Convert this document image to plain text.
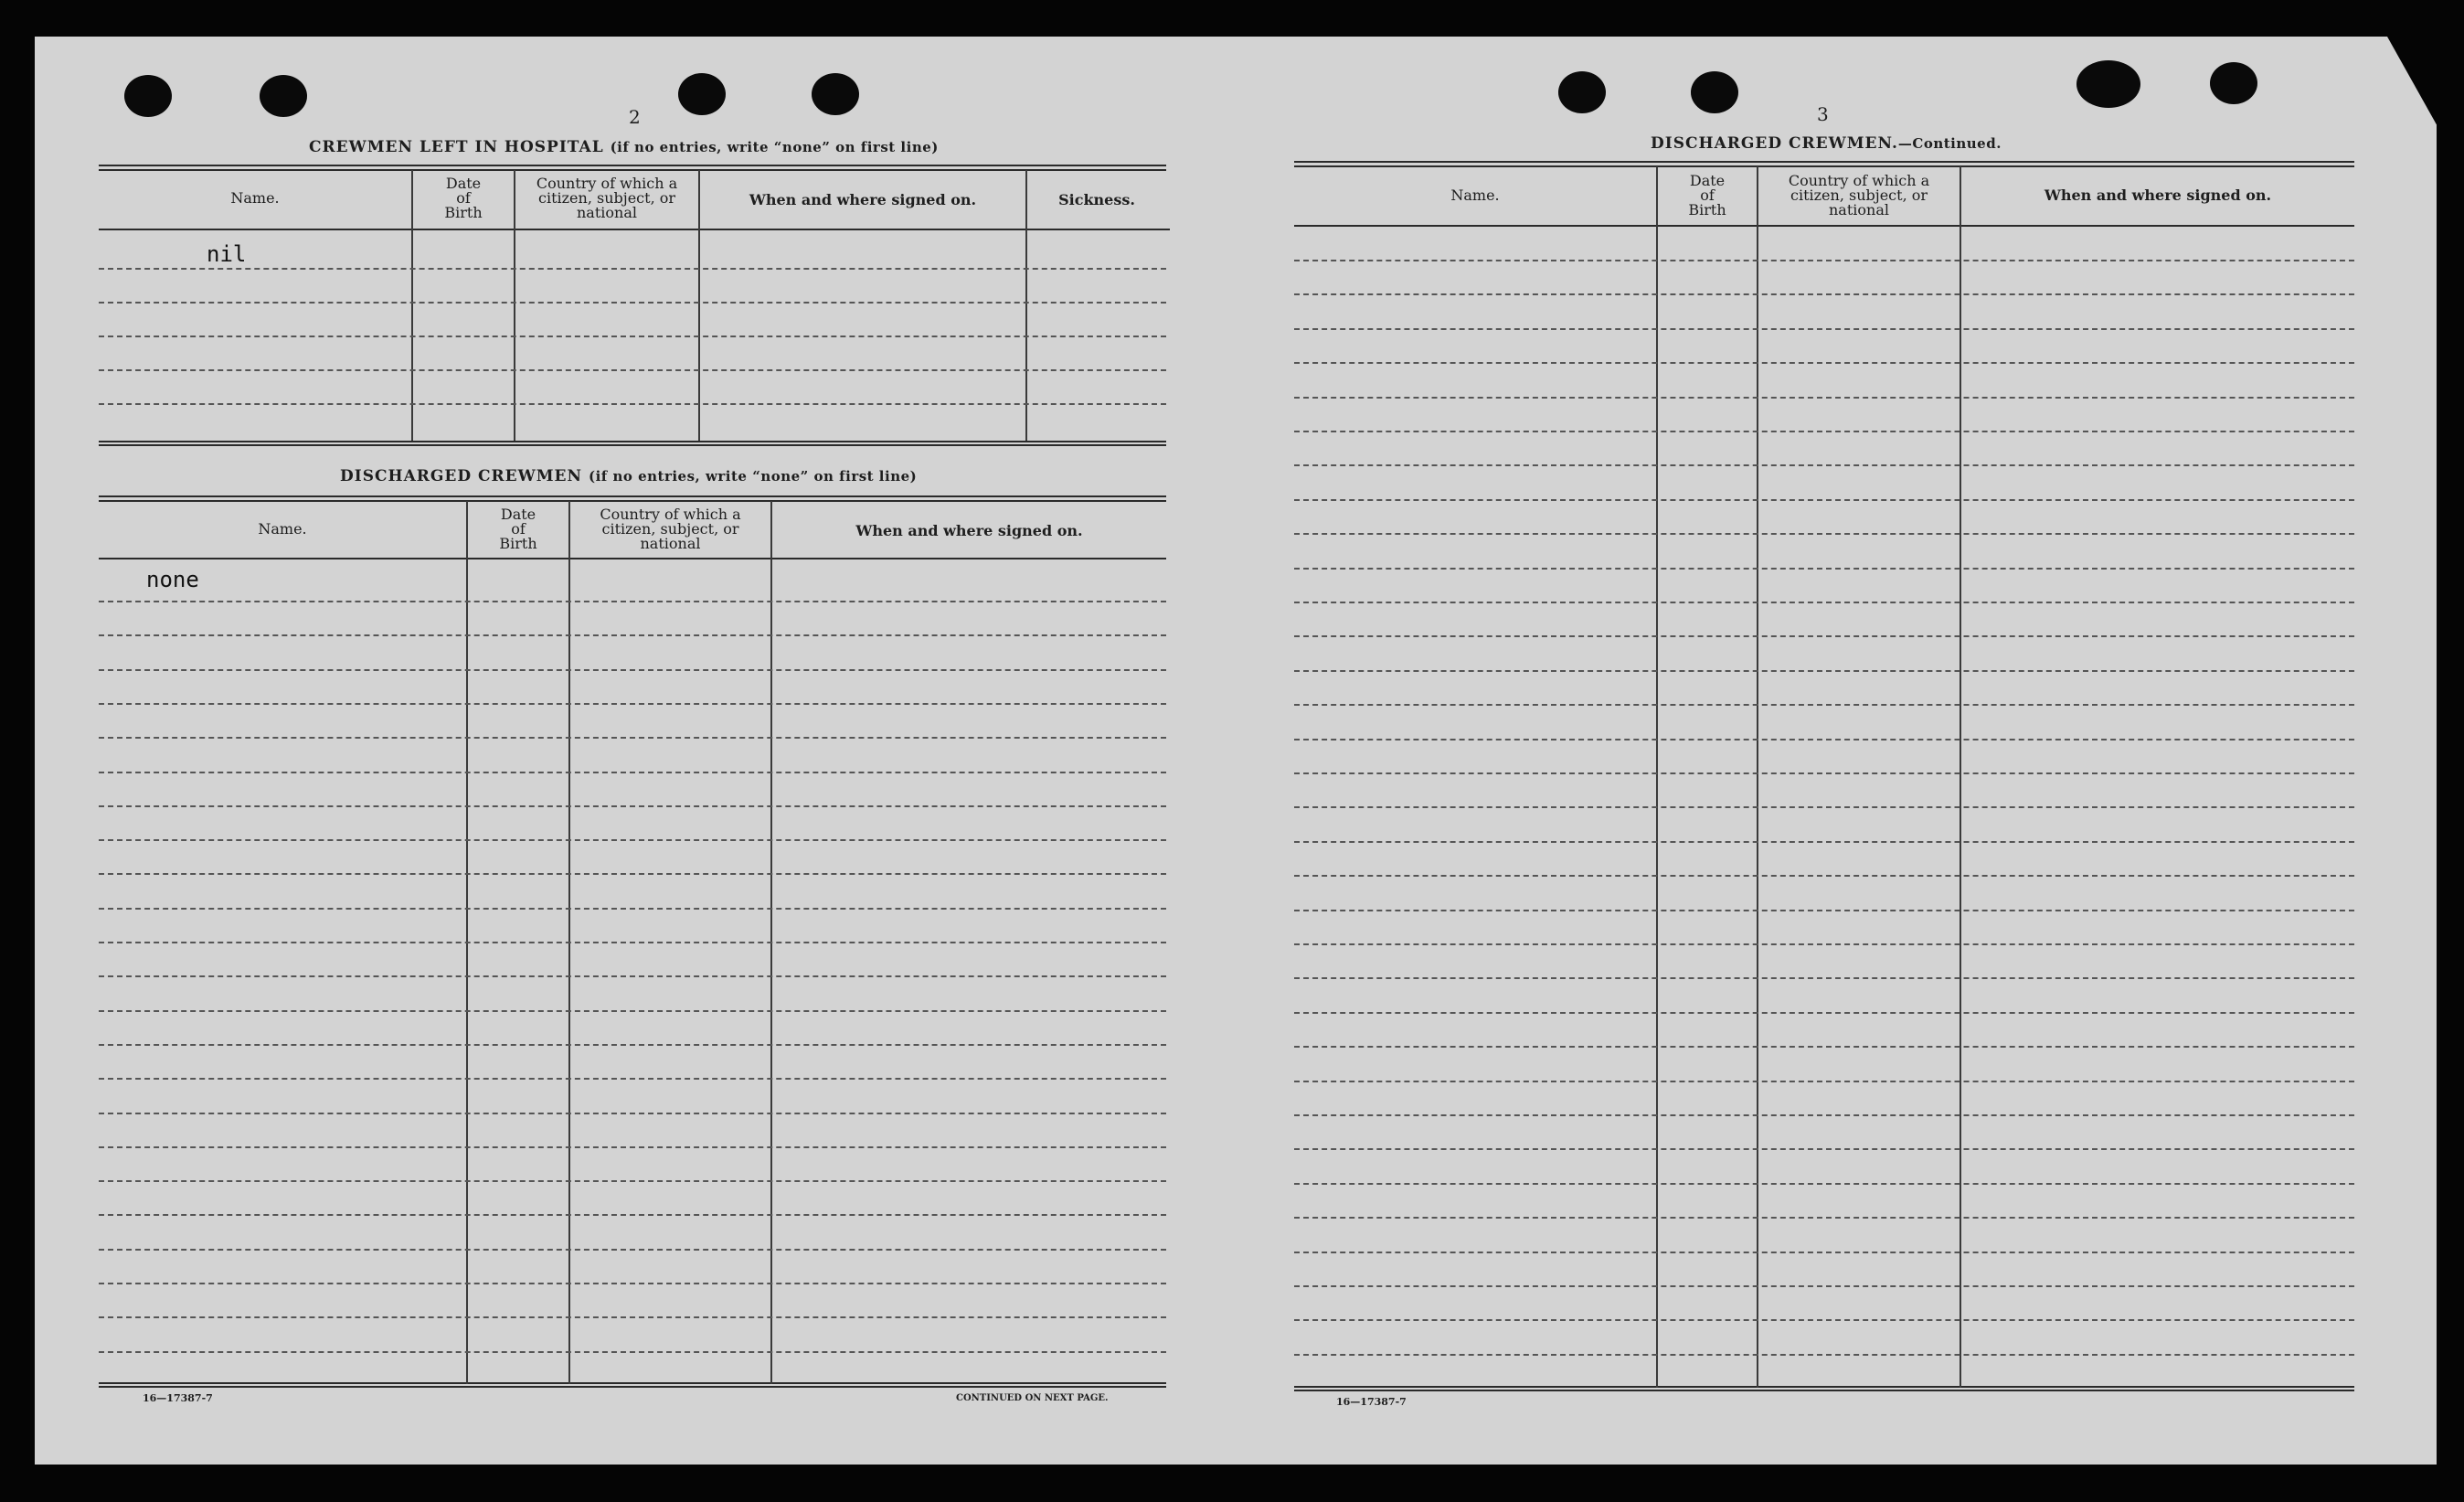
2
CREWMEN LEFT IN HOSPITAL (if no entries, write “none” on first line)
Name.
Date
of
Birth
Country of which a
citizen, subject, or
national
When and where signed on.	Sickness.
nil
DISCHARGED CREWMEN (if no entries, write “none” on first line)
Name.
Date
of
Birth
Country of which a
citizen, subject, or
national
When and where signed on.
none
16—17387-7	CONTINUED ON NEXT PAGE.
3
DISCHARGED CREWMEN.—Continued.
Name.
Date
of
Birth
Country of which a
citizen, subject, or
national
When and where signed on.
16—17387-7
